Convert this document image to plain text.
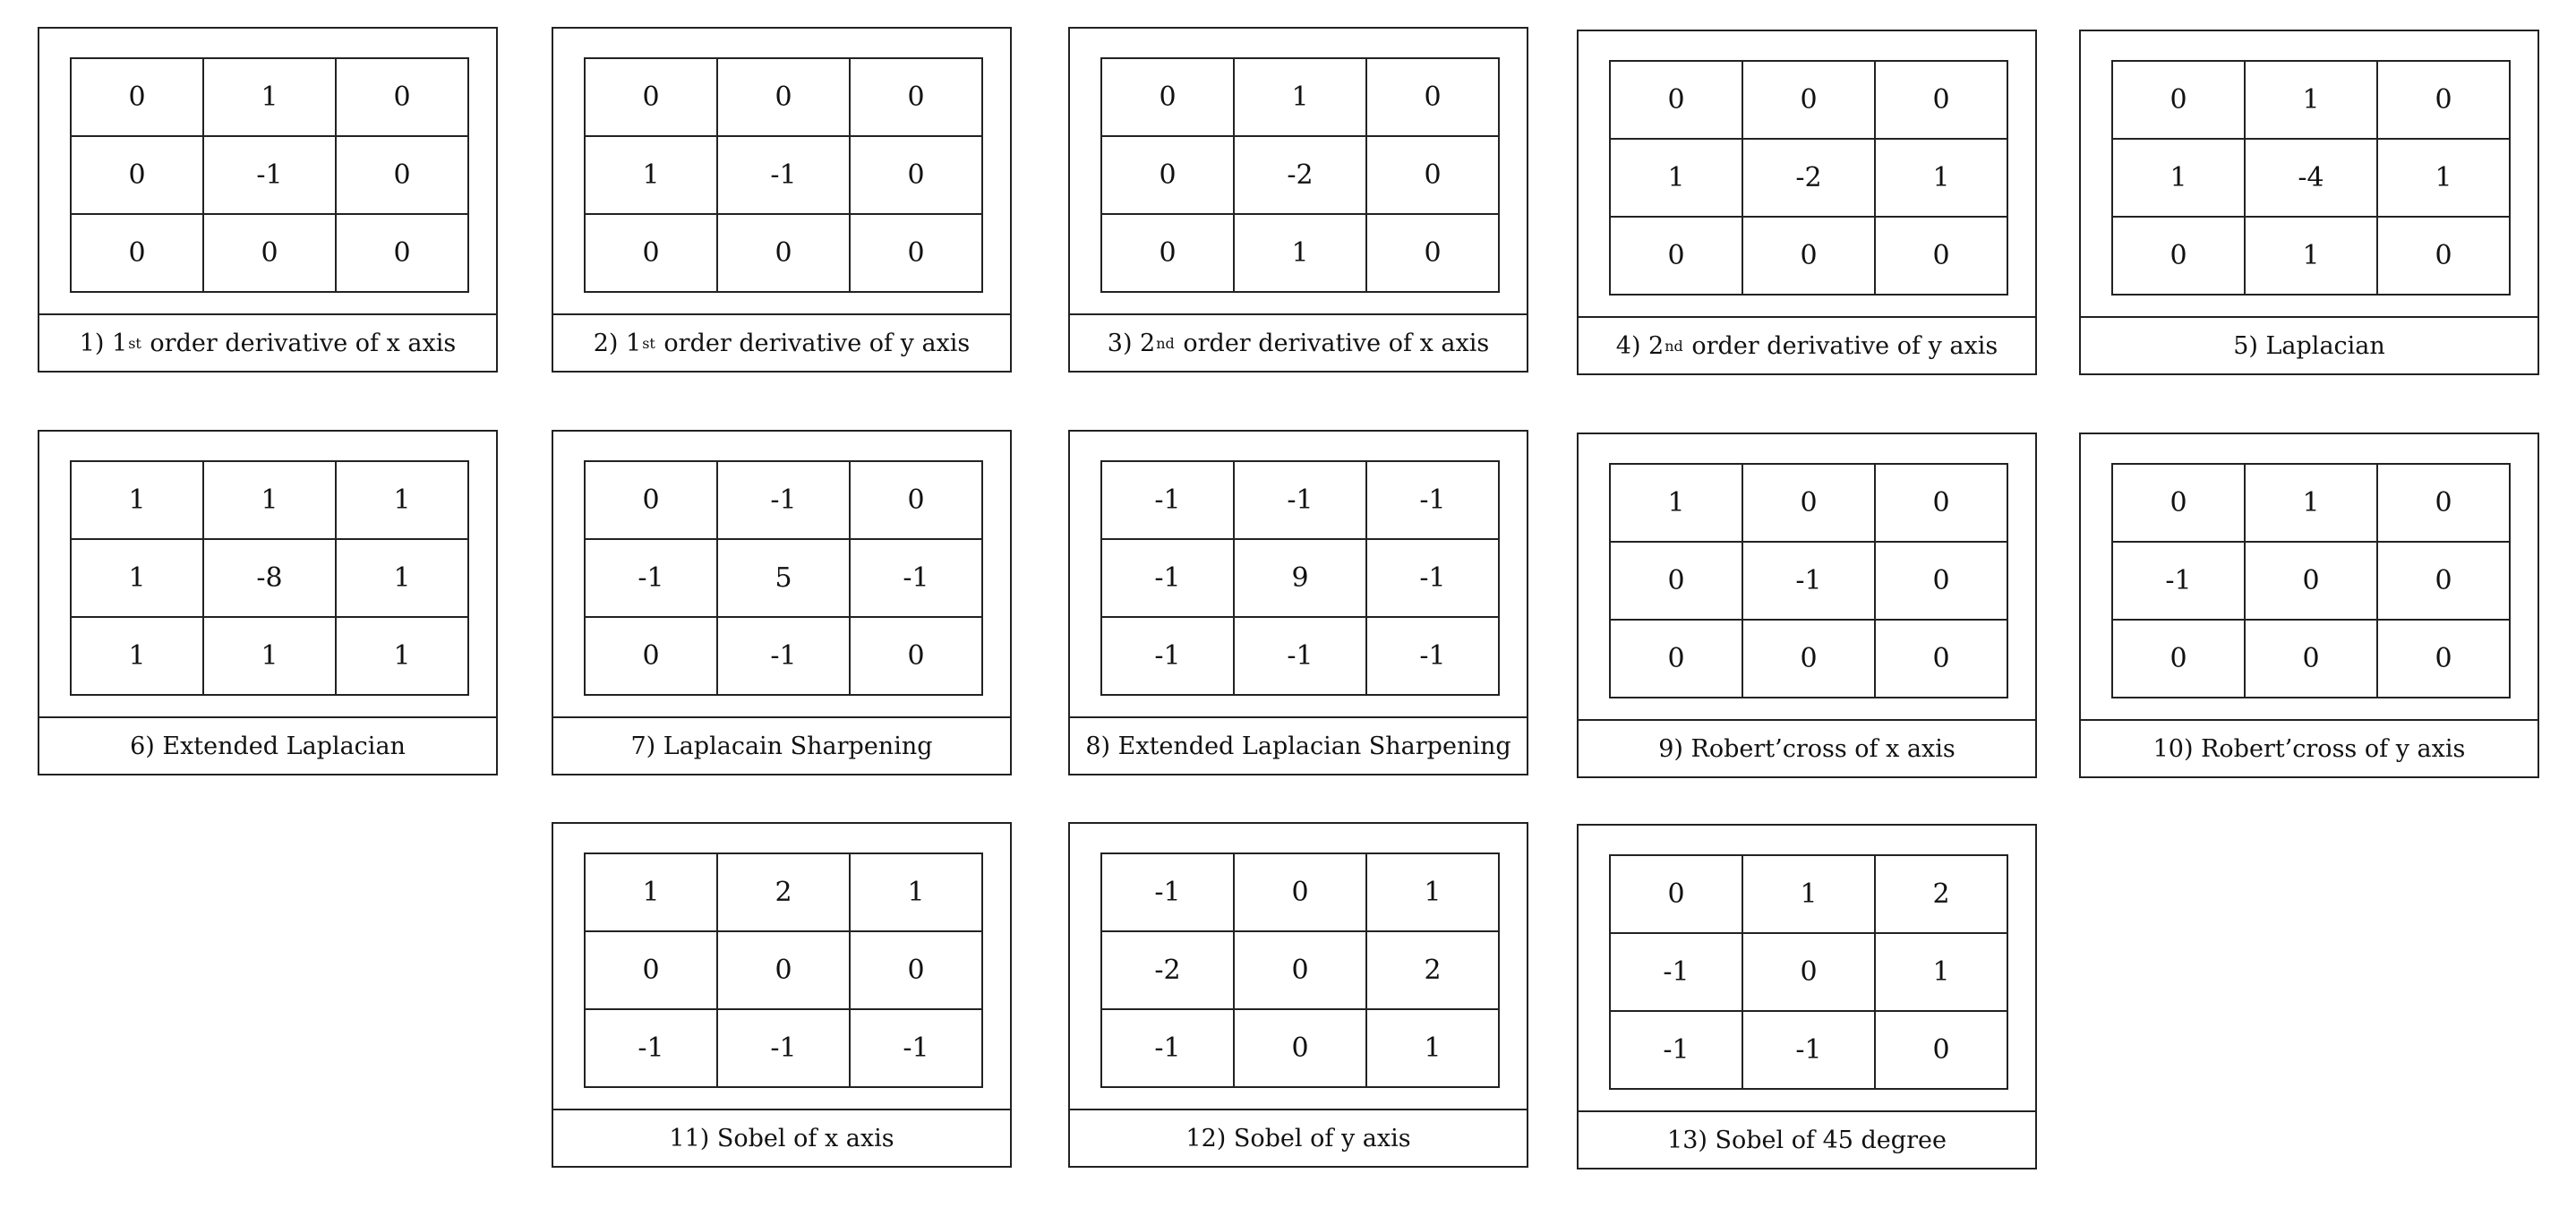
0	1	0
0	-1	0
0	0	0
1) 1 st order derivative of x axis
0	0	0
1	-1	0
0	0	0
2) 1 st order derivative of y axis
0	1	0
0	-2	0
0	1	0
3) 2 nd order derivative of x axis
0	0	0
1	-2	1
0	0	0
4) 2 nd order derivative of y axis
0	1	0
1	-4	1
0	1	0
5) Laplacian
1	1	1
1	-8	1
1	1	1
6) Extended Laplacian
0	-1	0
-1	5	-1
0	-1	0
7) Laplacain Sharpening
-1	-1	-1
-1	9	-1
-1	-1	-1
8) Extended Laplacian Sharpening
1	0	0
0	-1	0
0	0	0
9) Robert’cross of x axis
0	1	0
-1	0	0
0	0	0
10) Robert’cross of y axis
1	2	1
0	0	0
-1	-1	-1
11) Sobel of x axis
-1	0	1
-2	0	2
-1	0	1
12) Sobel of y axis
0	1	2
-1	0	1
-1	-1	0
13) Sobel of 45 degree
